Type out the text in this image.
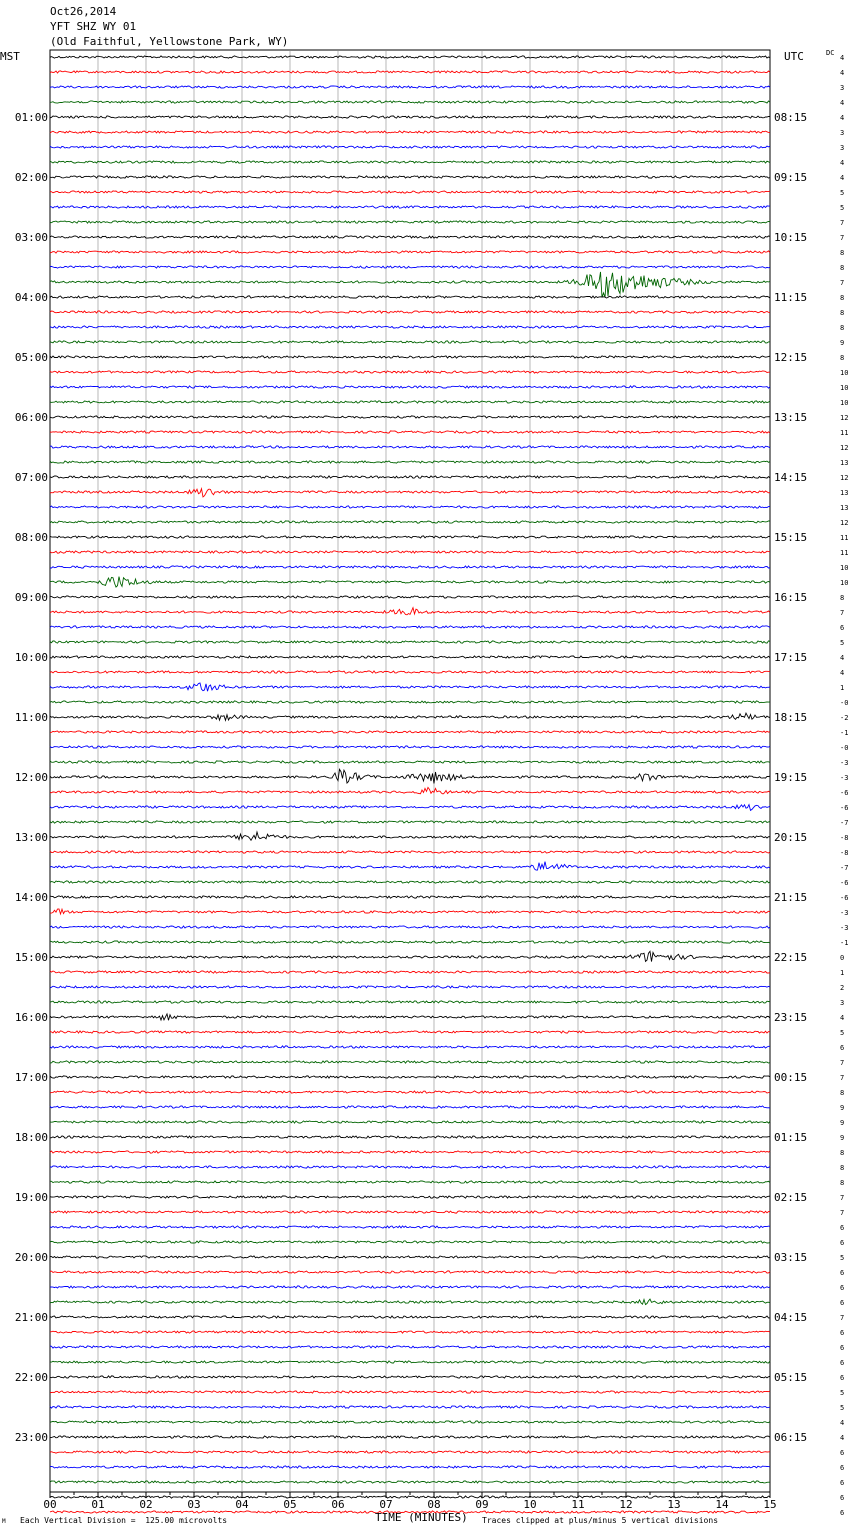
Oct26,2014
YFT SHZ WY 01
(Old Faithful, Yellowstone Park, WY)
MST	UTC	DC
4
4
3
4
4
3
3
4
4
5
5
7
7
8
8
7
8
8
8
9
8
10
10
10
12
11
12
13
12
13
13
12
11
11
10
10
8
7
6
5
4
4
1
-0
-2
-1
-0
-3
-3
-6
-6
-7
-8
-8
-7
-6
-6
-3
-3
-1
0
1
2
3
4
5
6
7
7
8
9
9
9
8
8
8
7
7
6
6
5
6
6
6
7
6
6
6
6
5
5
4
4
6
6
6
6
6
01:00
02:00
03:00
04:00
05:00
06:00
07:00
08:00
09:00
10:00
11:00
12:00
13:00
14:00
15:00
16:00
17:00
18:00
19:00
20:00
21:00
22:00
23:00
08:15
09:15
10:15
11:15
12:15
13:15
14:15
15:15
16:15
17:15
18:15
19:15
20:15
21:15
22:15
23:15
00:15
01:15
02:15
03:15
04:15
05:15
06:15
00	01	02	03	04	05	06	07	08	09	10	11	12	13	14	15
TIME (MINUTES)
Each Vertical Division =  125.00 microvolts	Traces clipped at plus/minus 5 vertical divisions
M
